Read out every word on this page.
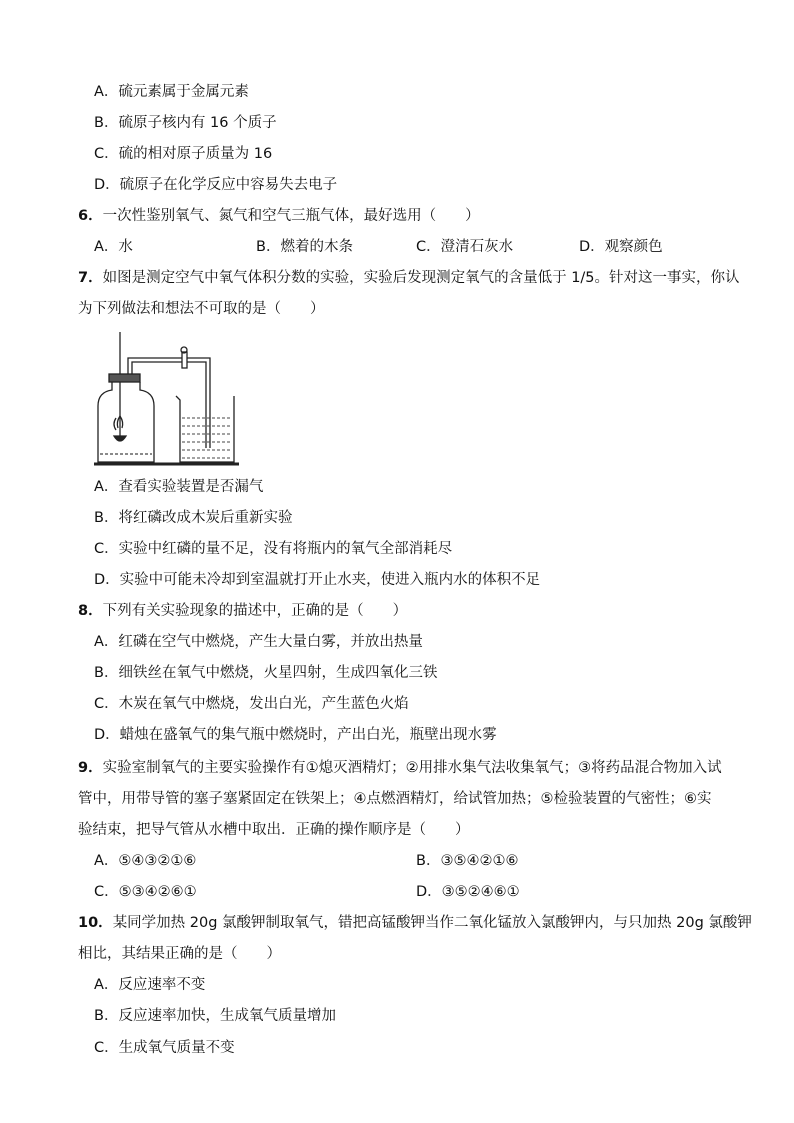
A．硫元素属于金属元素
B．硫原子核内有 16 个质子
C．硫的相对原子质量为 16
D．硫原子在化学反应中容易失去电子
6．一次性鉴别氧气、氮气和空气三瓶气体，最好选用（　　）
A．水	B．燃着的木条	C．澄清石灰水	D．观察颜色
7．如图是测定空气中氧气体积分数的实验，实验后发现测定氧气的含量低于 1/5。针对这一事实，你认
为下列做法和想法不可取的是（　　）
A．查看实验装置是否漏气
B．将红磷改成木炭后重新实验
C．实验中红磷的量不足，没有将瓶内的氧气全部消耗尽
D．实验中可能未冷却到室温就打开止水夹，使进入瓶内水的体积不足
8．下列有关实验现象的描述中，正确的是（　　）
A．红磷在空气中燃烧，产生大量白雾，并放出热量
B．细铁丝在氧气中燃烧，火星四射，生成四氧化三铁
C．木炭在氧气中燃烧，发出白光，产生蓝色火焰
D．蜡烛在盛氧气的集气瓶中燃烧时，产出白光，瓶壁出现水雾
9．实验室制氧气的主要实验操作有①熄灭酒精灯；②用排水集气法收集氧气；③将药品混合物加入试
管中，用带导管的塞子塞紧固定在铁架上；④点燃酒精灯，给试管加热；⑤检验装置的气密性；⑥实
验结束，把导气管从水槽中取出．正确的操作顺序是（　　）
A．⑤④③②①⑥	B．③⑤④②①⑥
C．⑤③④②⑥①	D．③⑤②④⑥①
10．某同学加热 20g 氯酸钾制取氧气，错把高锰酸钾当作二氧化锰放入氯酸钾内，与只加热 20g 氯酸钾
相比，其结果正确的是（　　）
A．反应速率不变
B．反应速率加快，生成氧气质量增加
C．生成氧气质量不变
